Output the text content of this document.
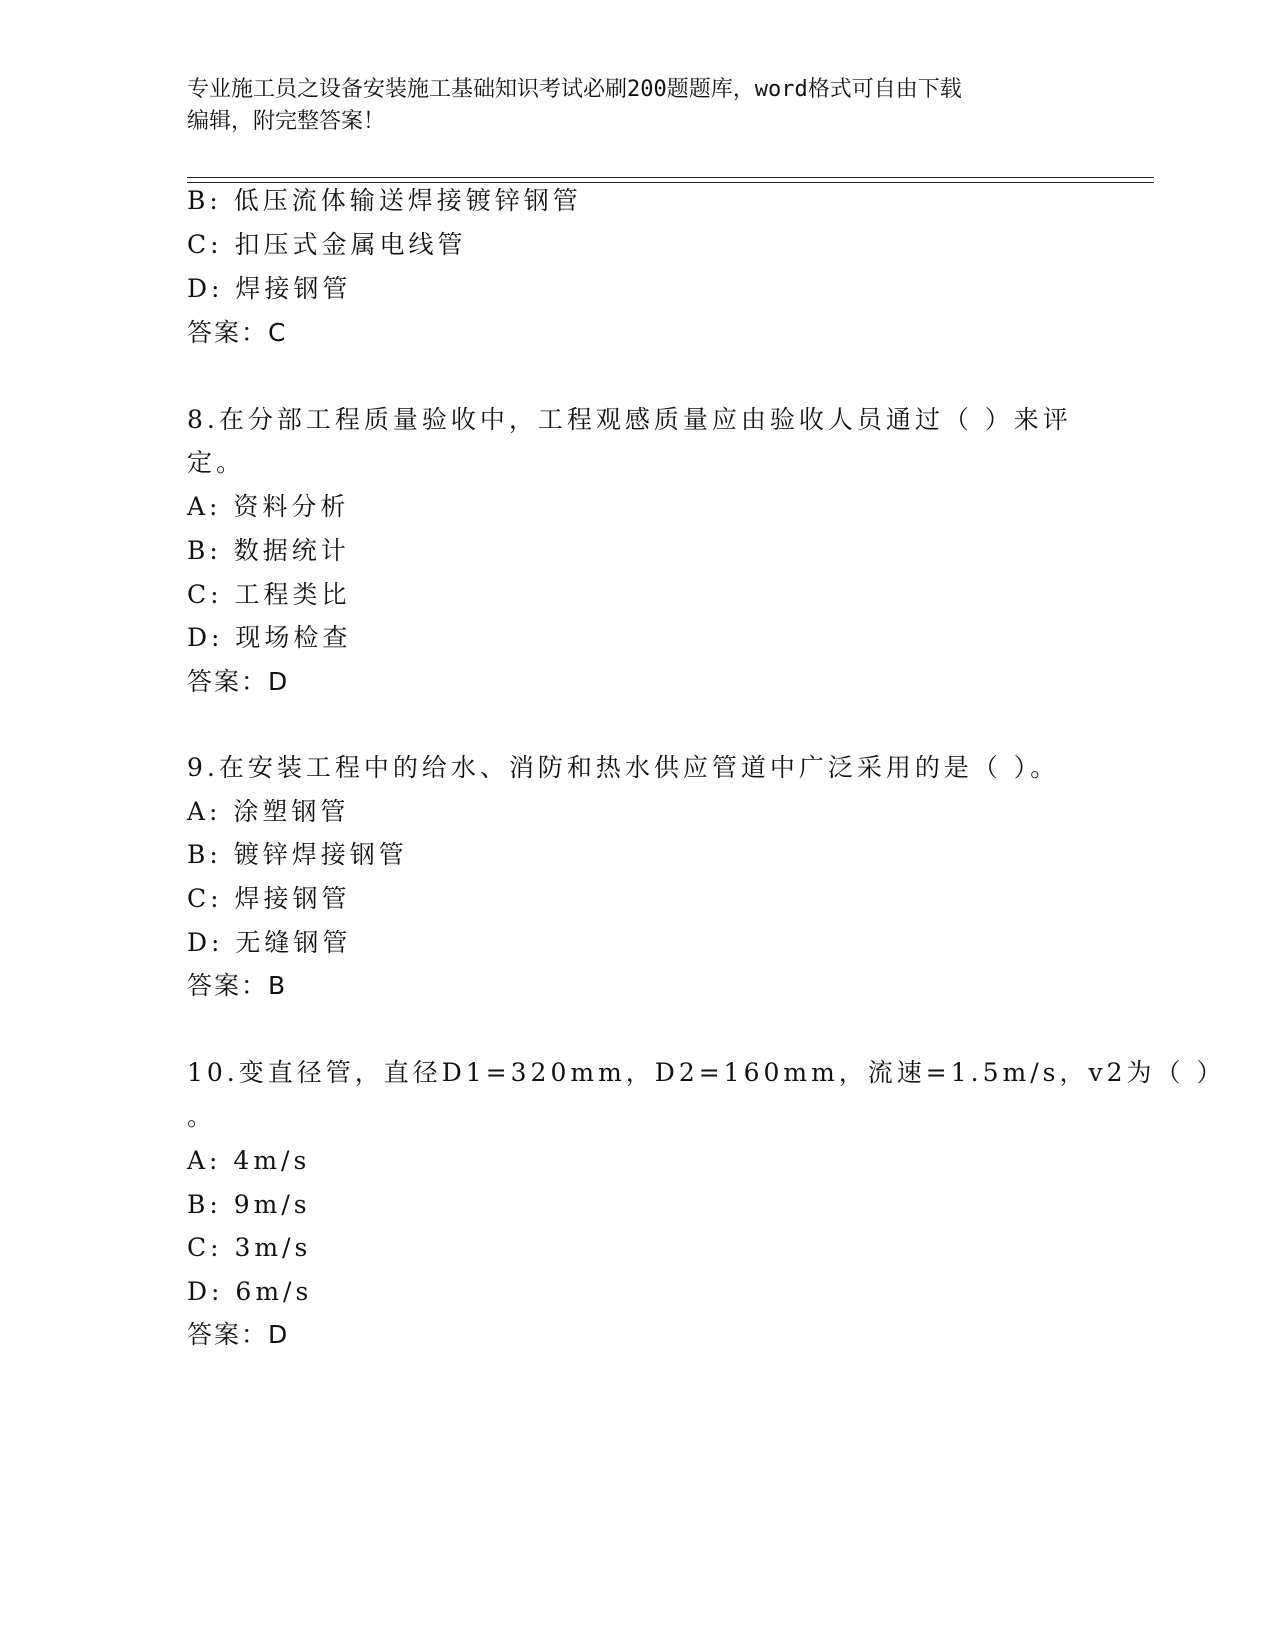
专业施工员之设备安装施工基础知识考试必刷200题题库，word格式可自由下载
编辑，附完整答案！
B: 低压流体输送焊接镀锌钢管
C: 扣压式金属电线管
D: 焊接钢管
答案：C
8.在分部工程质量验收中，工程观感质量应由验收人员通过（ ）来评
定。
A: 资料分析
B: 数据统计
C: 工程类比
D: 现场检查
答案：D
9.在安装工程中的给水、消防和热水供应管道中广泛采用的是（ ）。
A: 涂塑钢管
B: 镀锌焊接钢管
C: 焊接钢管
D: 无缝钢管
答案：B
10.变直径管，直径D1=320mm，D2=160mm，流速=1.5m/s，v2为（ ）
。
A: 4m/s
B: 9m/s
C: 3m/s
D: 6m/s
答案：D
